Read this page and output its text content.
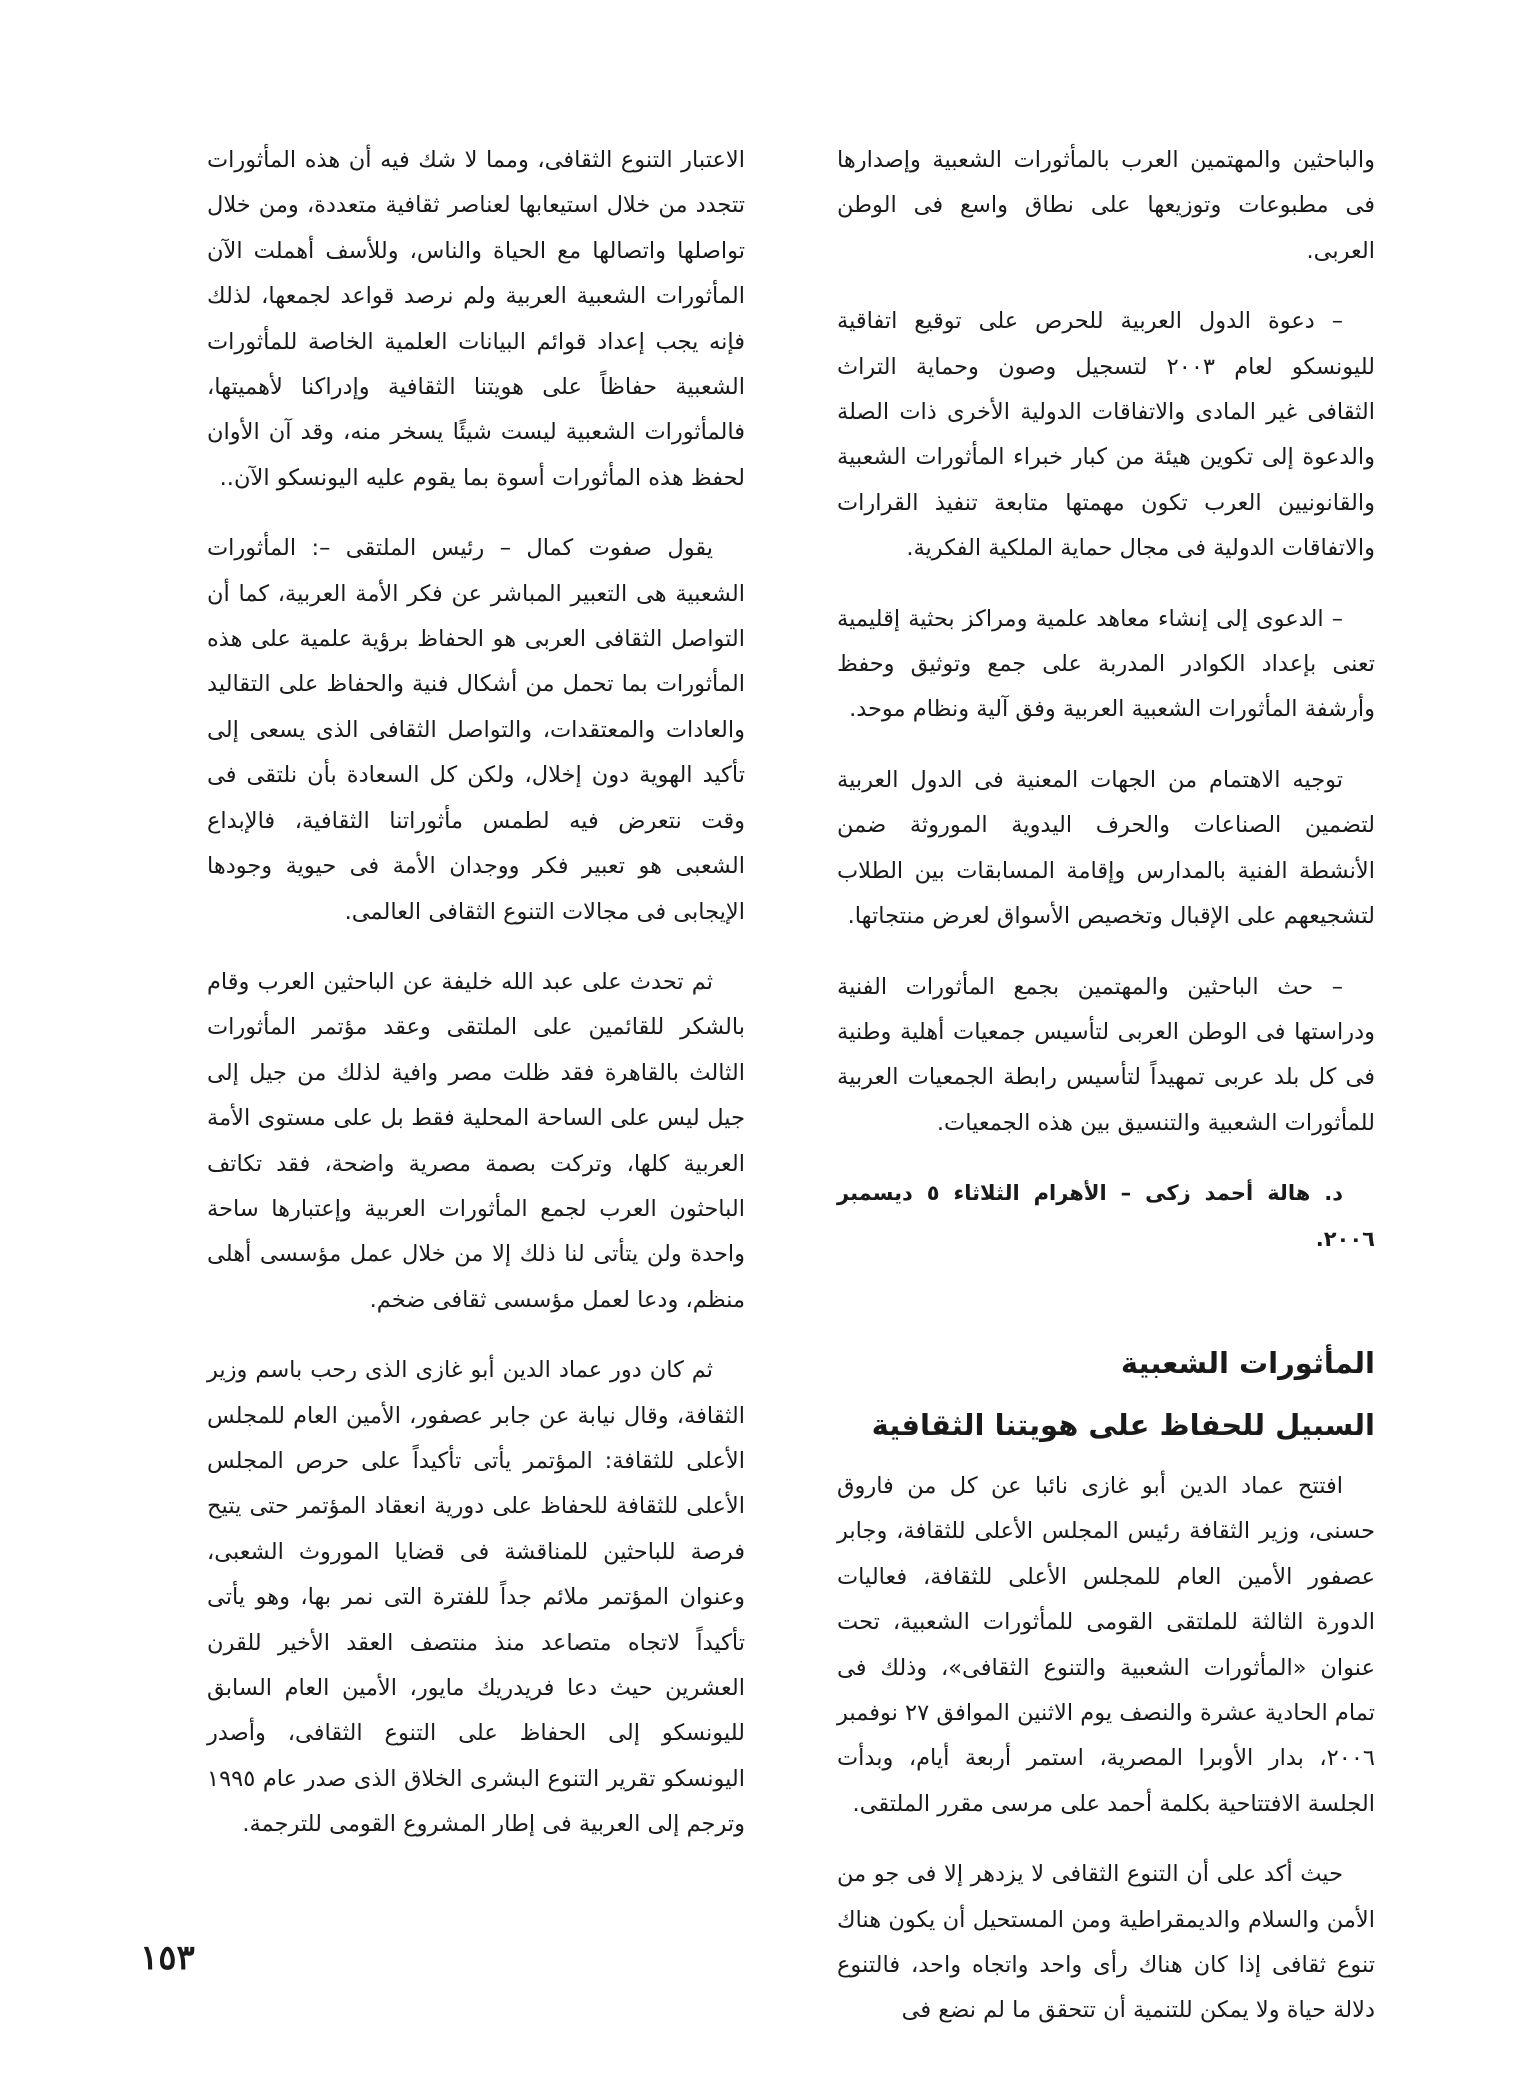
والباحثين والمهتمين العرب بالمأثورات الشعبية وإصدارها فى مطبوعات وتوزيعها على نطاق واسع فى الوطن العربى.

– دعوة الدول العربية للحرص على توقيع اتفاقية لليونسكو لعام ٢٠٠٣ لتسجيل وصون وحماية التراث الثقافى غير المادى والاتفاقات الدولية الأخرى ذات الصلة والدعوة إلى تكوين هيئة من كبار خبراء المأثورات الشعبية والقانونيين العرب تكون مهمتها متابعة تنفيذ القرارات والاتفاقات الدولية فى مجال حماية الملكية الفكرية.

– الدعوى إلى إنشاء معاهد علمية ومراكز بحثية إقليمية تعنى بإعداد الكوادر المدربة على جمع وتوثيق وحفظ وأرشفة المأثورات الشعبية العربية وفق آلية ونظام موحد.

توجيه الاهتمام من الجهات المعنية فى الدول العربية لتضمين الصناعات والحرف اليدوية الموروثة ضمن الأنشطة الفنية بالمدارس وإقامة المسابقات بين الطلاب لتشجيعهم على الإقبال وتخصيص الأسواق لعرض منتجاتها.

– حث الباحثين والمهتمين بجمع المأثورات الفنية ودراستها فى الوطن العربى لتأسيس جمعيات أهلية وطنية فى كل بلد عربى تمهيداً لتأسيس رابطة الجمعيات العربية للمأثورات الشعبية والتنسيق بين هذه الجمعيات.

د. هالة أحمد زكى – الأهرام الثلاثاء ٥ ديسمبر ٢٠٠٦.

المأثورات الشعبية
السبيل للحفاظ على هويتنا الثقافية

افتتح عماد الدين أبو غازى نائبا عن كل من فاروق حسنى، وزير الثقافة رئيس المجلس الأعلى للثقافة، وجابر عصفور الأمين العام للمجلس الأعلى للثقافة، فعاليات الدورة الثالثة للملتقى القومى للمأثورات الشعبية، تحت عنوان «المأثورات الشعبية والتنوع الثقافى»، وذلك فى تمام الحادية عشرة والنصف يوم الاثنين الموافق ٢٧ نوفمبر ٢٠٠٦، بدار الأوبرا المصرية، استمر أربعة أيام، وبدأت الجلسة الافتتاحية بكلمة أحمد على مرسى مقرر الملتقى.

حيث أكد على أن التنوع الثقافى لا يزدهر إلا فى جو من الأمن والسلام والديمقراطية ومن المستحيل أن يكون هناك تنوع ثقافى إذا كان هناك رأى واحد واتجاه واحد، فالتنوع دلالة حياة ولا يمكن للتنمية أن تتحقق ما لم نضع فى

الاعتبار التنوع الثقافى، ومما لا شك فيه أن هذه المأثورات تتجدد من خلال استيعابها لعناصر ثقافية متعددة، ومن خلال تواصلها واتصالها مع الحياة والناس، وللأسف أهملت الآن المأثورات الشعبية العربية ولم نرصد قواعد لجمعها، لذلك فإنه يجب إعداد قوائم البيانات العلمية الخاصة للمأثورات الشعبية حفاظاً على هويتنا الثقافية وإدراكنا لأهميتها، فالمأثورات الشعبية ليست شيئًا يسخر منه، وقد آن الأوان لحفظ هذه المأثورات أسوة بما يقوم عليه اليونسكو الآن..

يقول صفوت كمال – رئيس الملتقى –: المأثورات الشعبية هى التعبير المباشر عن فكر الأمة العربية، كما أن التواصل الثقافى العربى هو الحفاظ برؤية علمية على هذه المأثورات بما تحمل من أشكال فنية والحفاظ على التقاليد والعادات والمعتقدات، والتواصل الثقافى الذى يسعى إلى تأكيد الهوية دون إخلال، ولكن كل السعادة بأن نلتقى فى وقت نتعرض فيه لطمس مأثوراتنا الثقافية، فالإبداع الشعبى هو تعبير فكر ووجدان الأمة فى حيوية وجودها الإيجابى فى مجالات التنوع الثقافى العالمى.

ثم تحدث على عبد الله خليفة عن الباحثين العرب وقام بالشكر للقائمين على الملتقى وعقد مؤتمر المأثورات الثالث بالقاهرة فقد ظلت مصر وافية لذلك من جيل إلى جيل ليس على الساحة المحلية فقط بل على مستوى الأمة العربية كلها، وتركت بصمة مصرية واضحة، فقد تكاتف الباحثون العرب لجمع المأثورات العربية وإعتبارها ساحة واحدة ولن يتأتى لنا ذلك إلا من خلال عمل مؤسسى أهلى منظم، ودعا لعمل مؤسسى ثقافى ضخم.

ثم كان دور عماد الدين أبو غازى الذى رحب باسم وزير الثقافة، وقال نيابة عن جابر عصفور، الأمين العام للمجلس الأعلى للثقافة: المؤتمر يأتى تأكيداً على حرص المجلس الأعلى للثقافة للحفاظ على دورية انعقاد المؤتمر حتى يتيح فرصة للباحثين للمناقشة فى قضايا الموروث الشعبى، وعنوان المؤتمر ملائم جداً للفترة التى نمر بها، وهو يأتى تأكيداً لاتجاه متصاعد منذ منتصف العقد الأخير للقرن العشرين حيث دعا فريدريك مايور، الأمين العام السابق لليونسكو إلى الحفاظ على التنوع الثقافى، وأصدر اليونسكو تقرير التنوع البشرى الخلاق الذى صدر عام ١٩٩٥ وترجم إلى العربية فى إطار المشروع القومى للترجمة.

١٥٣
